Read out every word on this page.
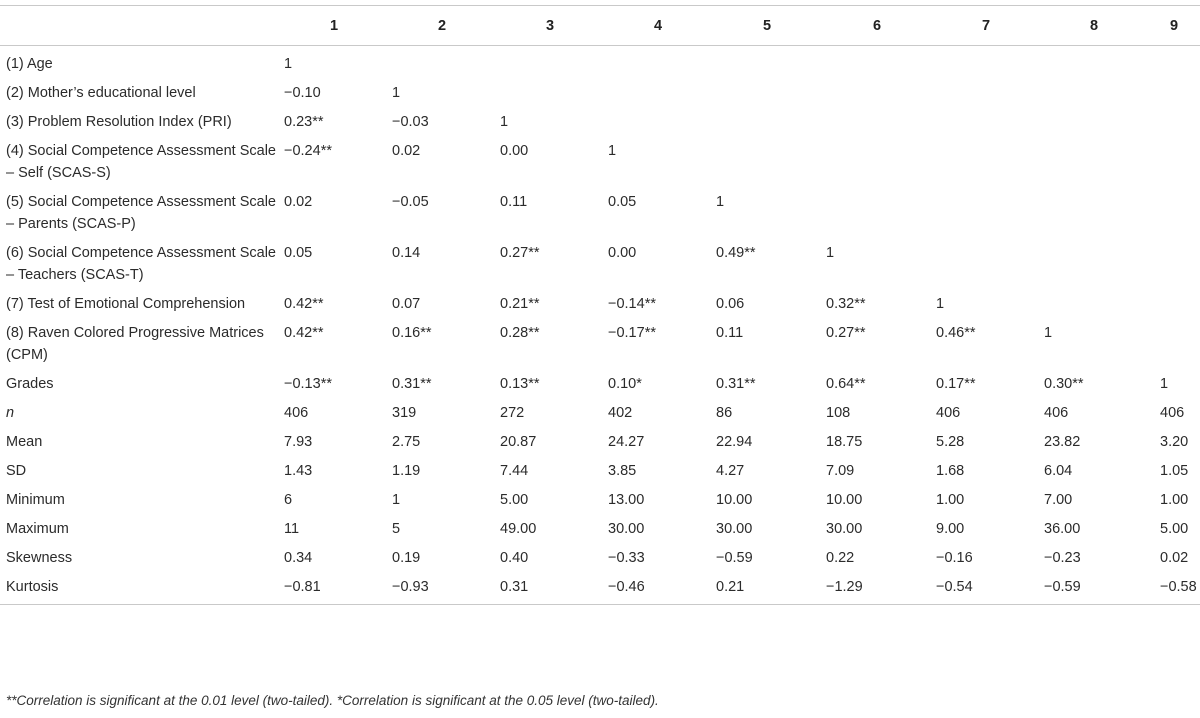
	1	2	3	4	5	6	7	8	9
(1) Age	1								
(2) Mother’s educational level	−0.10	1							
(3) Problem Resolution Index (PRI)	0.23**	−0.03	1						
(4) Social Competence Assessment Scale – Self (SCAS-S)	−0.24**	0.02	0.00	1					
(5) Social Competence Assessment Scale – Parents (SCAS-P)	0.02	−0.05	0.11	0.05	1				
(6) Social Competence Assessment Scale – Teachers (SCAS-T)	0.05	0.14	0.27**	0.00	0.49**	1			
(7) Test of Emotional Comprehension	0.42**	0.07	0.21**	−0.14**	0.06	0.32**	1		
(8) Raven Colored Progressive Matrices (CPM)	0.42**	0.16**	0.28**	−0.17**	0.11	0.27**	0.46**	1	
Grades	−0.13**	0.31**	0.13**	0.10*	0.31**	0.64**	0.17**	0.30**	1
n	406	319	272	402	86	108	406	406	406
Mean	7.93	2.75	20.87	24.27	22.94	18.75	5.28	23.82	3.20
SD	1.43	1.19	7.44	3.85	4.27	7.09	1.68	6.04	1.05
Minimum	6	1	5.00	13.00	10.00	10.00	1.00	7.00	1.00
Maximum	11	5	49.00	30.00	30.00	30.00	9.00	36.00	5.00
Skewness	0.34	0.19	0.40	−0.33	−0.59	0.22	−0.16	−0.23	0.02
Kurtosis	−0.81	−0.93	0.31	−0.46	0.21	−1.29	−0.54	−0.59	−0.58
**Correlation is significant at the 0.01 level (two-tailed). *Correlation is significant at the 0.05 level (two-tailed).
